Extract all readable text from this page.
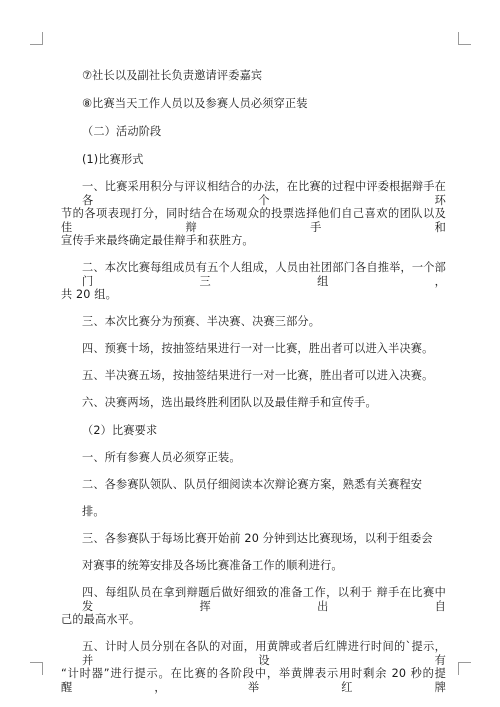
⑦社长以及副社长负责邀请评委嘉宾
⑧比赛当天工作人员以及参赛人员必须穿正装
（二）活动阶段
(1)比赛形式
一、比赛采用积分与评议相结合的办法，在比赛的过程中评委根据辩手在各个环
节的各项表现打分，同时结合在场观众的投票选择他们自己喜欢的团队以及佳辩手和
宣传手来最终确定最佳辩手和获胜方。
二、本次比赛每组成员有五个人组成，人员由社团部门各自推举，一个部门三组，
共 20 组。
三、本次比赛分为预赛、半决赛、决赛三部分。
四、预赛十场，按抽签结果进行一对一比赛，胜出者可以进入半决赛。
五、半决赛五场，按抽签结果进行一对一比赛，胜出者可以进入决赛。
六、决赛两场，选出最终胜利团队以及最佳辩手和宣传手。
（2）比赛要求
一、所有参赛人员必须穿正装。
二、各参赛队领队、队员仔细阅读本次辩论赛方案，熟悉有关赛程安
排。
三、各参赛队于每场比赛开始前 20 分钟到达比赛现场，以利于组委会
对赛事的统筹安排及各场比赛准备工作的顺利进行。
四、每组队员在拿到辩题后做好细致的准备工作，以利于 辩手在比赛中发挥出自
己的最高水平。
五、计时人员分别在各队的对面，用黄牌或者后红牌进行时间的`提示，并设有
“计时器”进行提示。在比赛的各阶段中，举黄牌表示用时剩余 20 秒的提醒，举红牌
